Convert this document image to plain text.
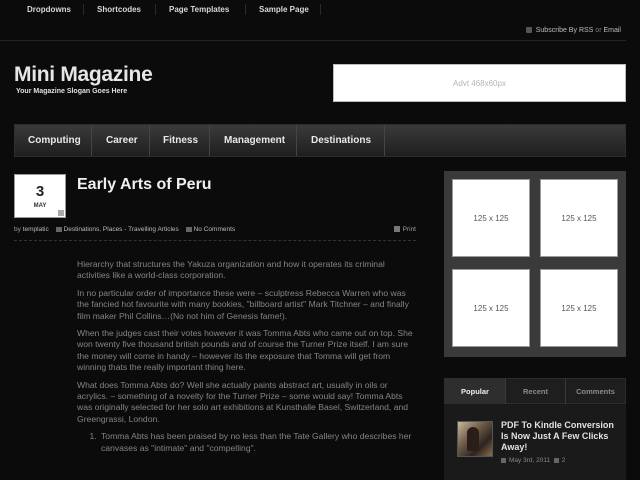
Dropdowns	Shortcodes	Page Templates	Sample Page
Subscribe By RSS or Email
Mini Magazine
Your Magazine Slogan Goes Here
Advt 468x60px
Computing	Career	Fitness	Management	Destinations
3
MAY
Early Arts of Peru
by templatic Destinations, Places - Travelling Articles No Comments	Print

Hierarchy that structures the Yakuza organization and how it operates its criminal activities like a world-class corporation.

In no particular order of importance these were – sculptress Rebecca Warren who was the fancied hot favourite with many bookies, "billboard artist" Mark Titchner – and finally film maker Phil Collins…(No not him of Genesis fame!).

When the judges cast their votes however it was Tomma Abts who came out on top. She won twenty five thousand british pounds and of course the Turner Prize itself. I am sure the money will come in handy – however its the exposure that Tomma will get from winning thats the really important thing here.

What does Tomma Abts do? Well she actually paints abstract art, usually in oils or acrylics. – something of a novelty for the Turner Prize – some would say! Tomma Abts was originally selected for her solo art exhibitions at Kunsthalle Basel, Switzerland, and Greengrassi, London.

1. Tomma Abts has been praised by no less than the Tate Gallery who describes her canvases as "intimate" and "compelling".
125 x 125	125 x 125
125 x 125	125 x 125
Popular	Recent	Comments
PDF To Kindle Conversion Is Now Just A Few Clicks Away!
May 3rd, 2011 2
